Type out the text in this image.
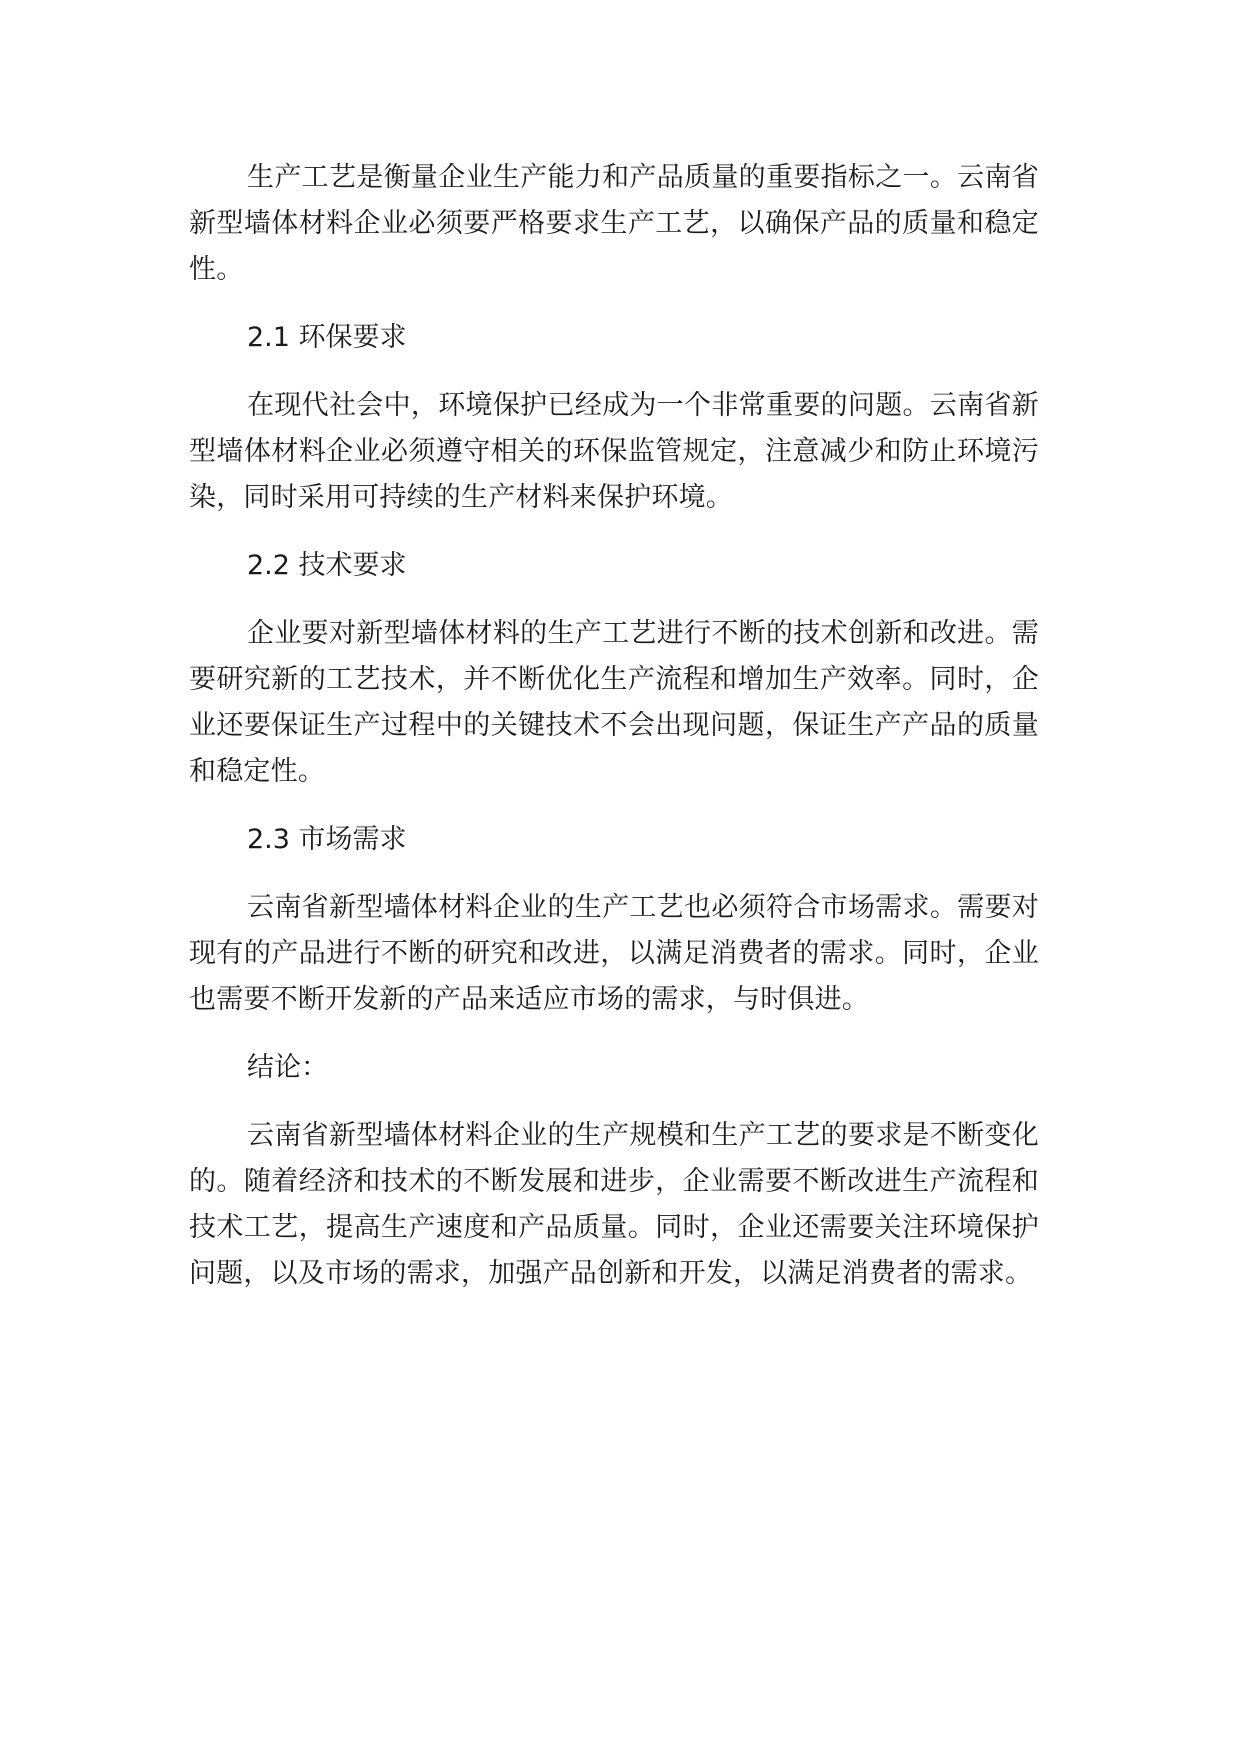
生产工艺是衡量企业生产能力和产品质量的重要指标之一。云南省新型墙体材料企业必须要严格要求生产工艺，以确保产品的质量和稳定性。

2.1 环保要求

在现代社会中，环境保护已经成为一个非常重要的问题。云南省新型墙体材料企业必须遵守相关的环保监管规定，注意减少和防止环境污染，同时采用可持续的生产材料来保护环境。

2.2 技术要求

企业要对新型墙体材料的生产工艺进行不断的技术创新和改进。需要研究新的工艺技术，并不断优化生产流程和增加生产效率。同时，企业还要保证生产过程中的关键技术不会出现问题，保证生产产品的质量和稳定性。

2.3 市场需求

云南省新型墙体材料企业的生产工艺也必须符合市场需求。需要对现有的产品进行不断的研究和改进，以满足消费者的需求。同时，企业也需要不断开发新的产品来适应市场的需求，与时俱进。

结论：

云南省新型墙体材料企业的生产规模和生产工艺的要求是不断变化的。随着经济和技术的不断发展和进步，企业需要不断改进生产流程和技术工艺，提高生产速度和产品质量。同时，企业还需要关注环境保护问题，以及市场的需求，加强产品创新和开发，以满足消费者的需求。
